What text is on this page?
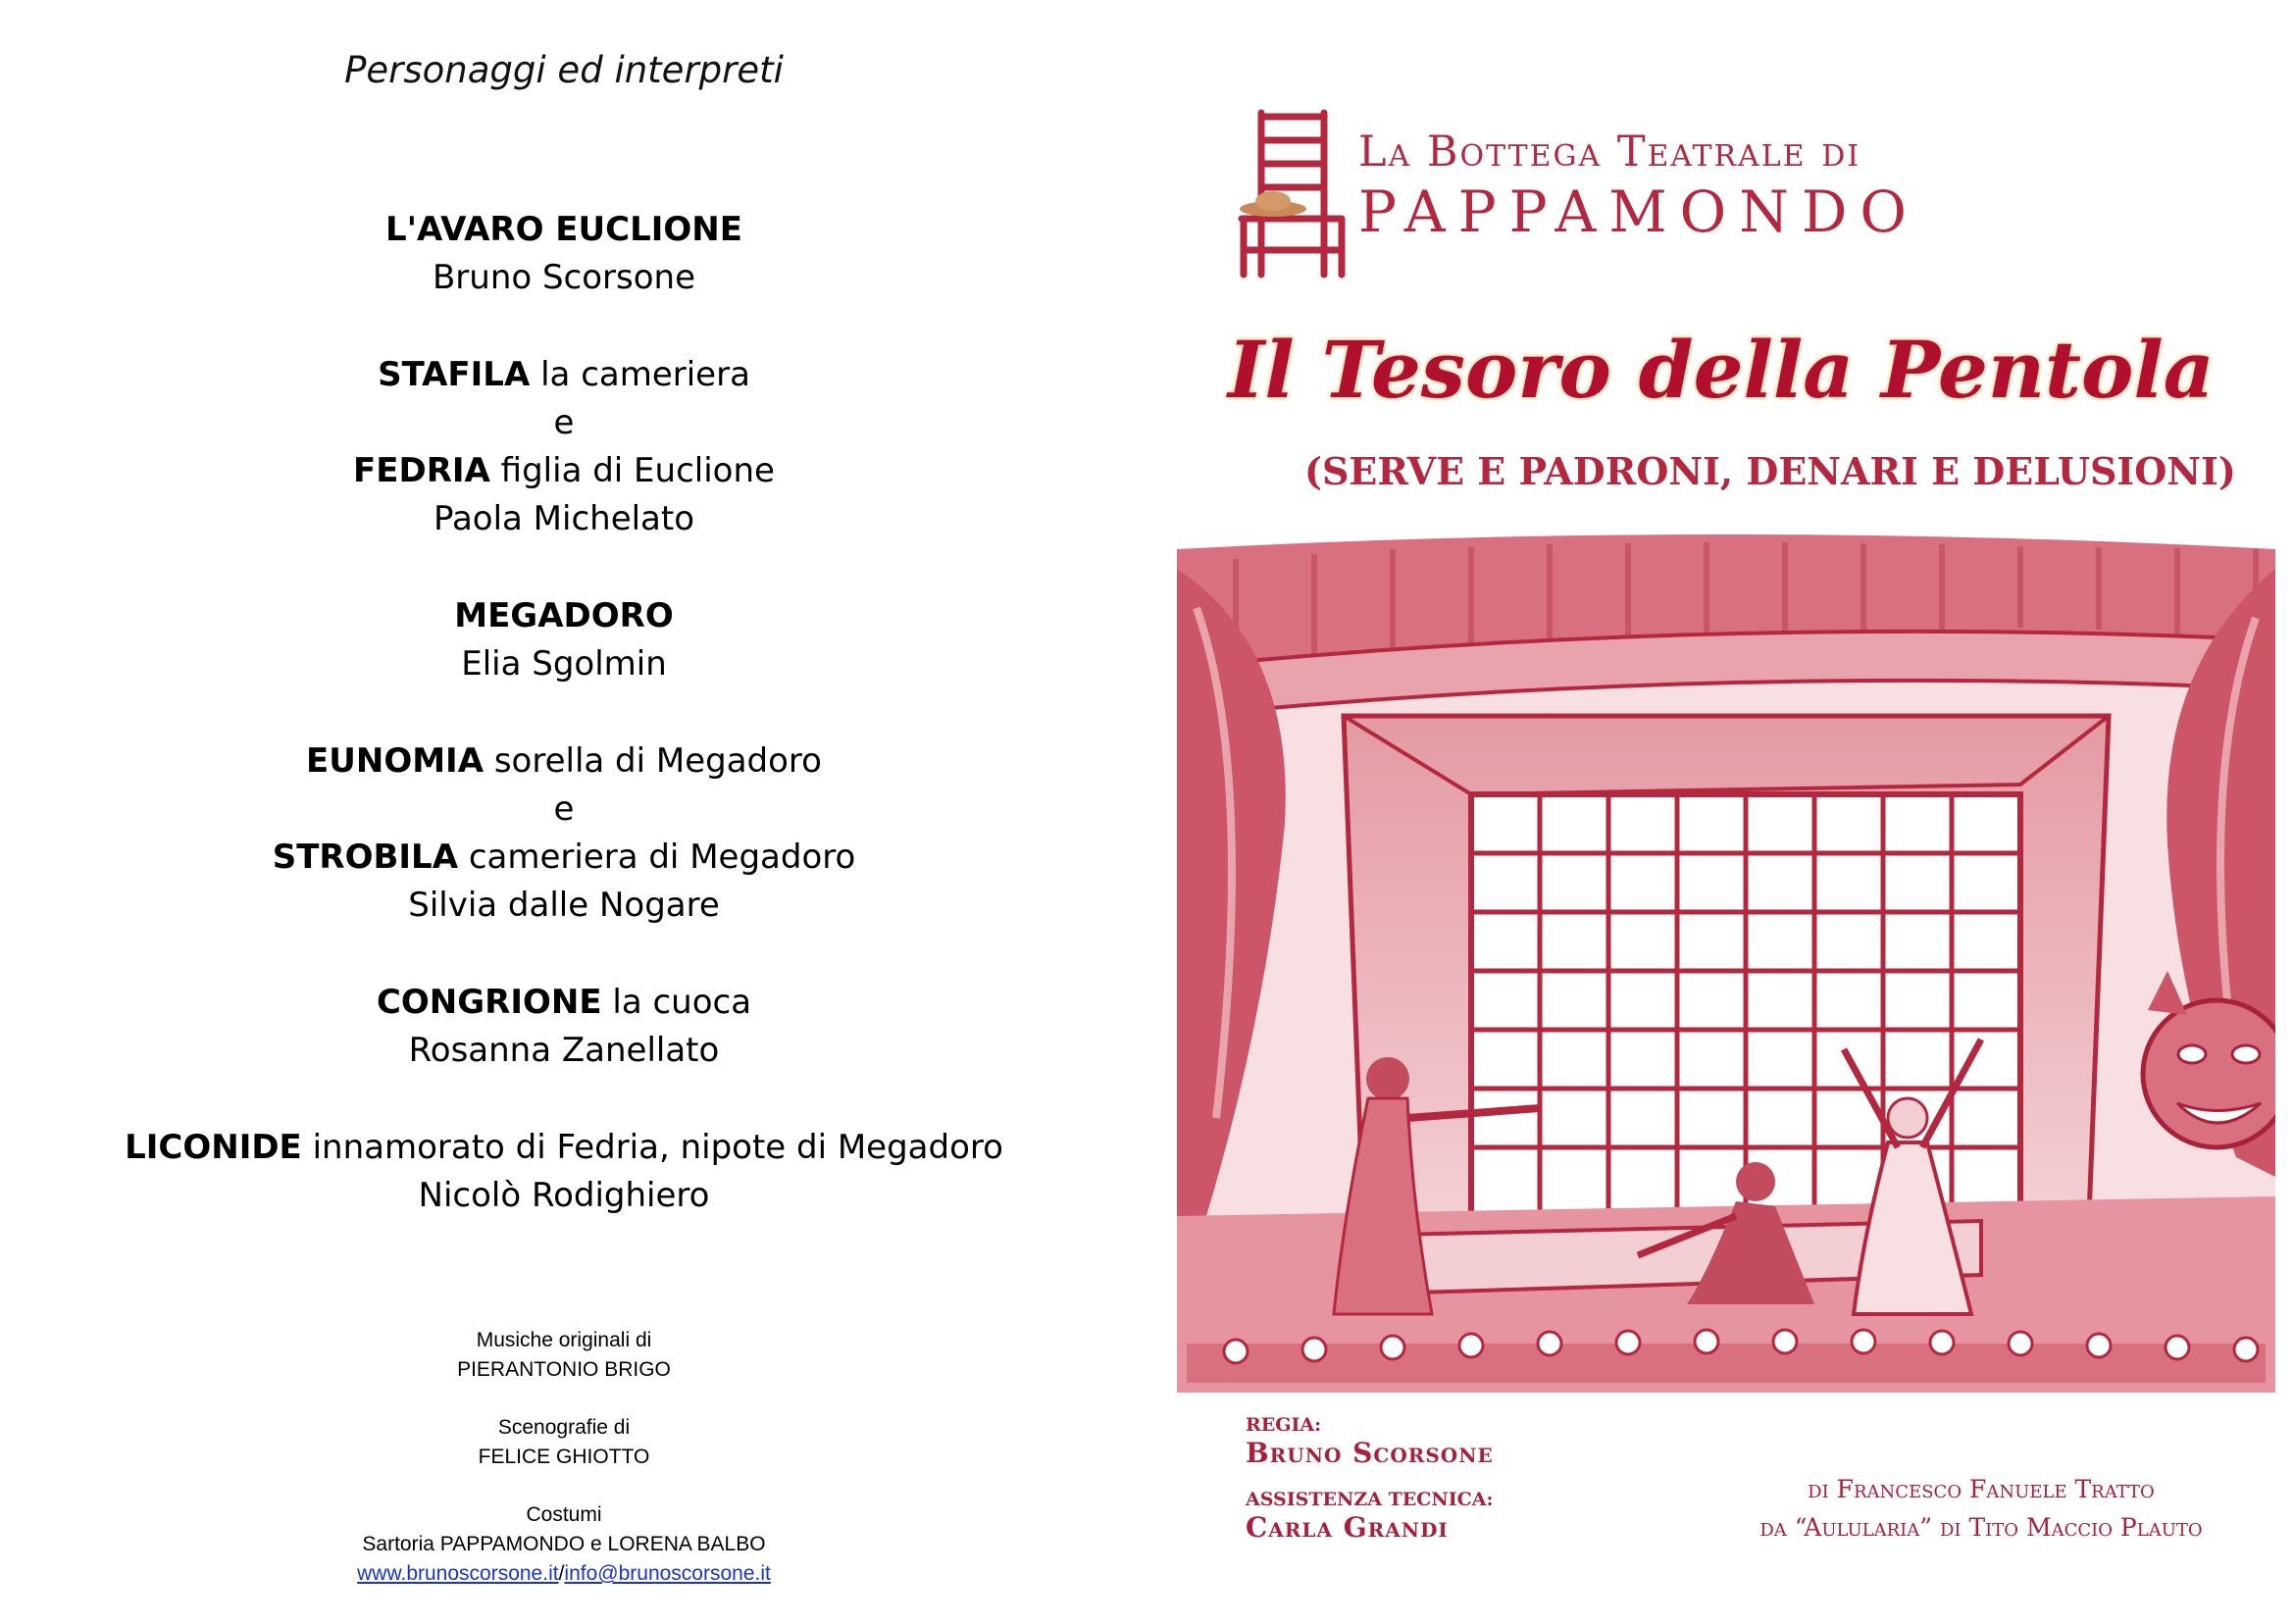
Personaggi ed interpreti
L'AVARO EUCLIONE
Bruno Scorsone
STAFILA la cameriera
e
FEDRIA figlia di Euclione
Paola Michelato
MEGADORO
Elia Sgolmin
EUNOMIA sorella di Megadoro
e
STROBILA cameriera di Megadoro
Silvia dalle Nogare
CONGRIONE la cuoca
Rosanna Zanellato
LICONIDE innamorato di Fedria, nipote di Megadoro
Nicolò Rodighiero
Musiche originali di
PIERANTONIO BRIGO
Scenografie di
FELICE GHIOTTO
Costumi
Sartoria PAPPAMONDO e LORENA BALBO
www.brunoscorsone.it/info@brunoscorsone.it
La Bottega Teatrale di
PAPPAMONDO
Il Tesoro della Pentola
(SERVE E PADRONI, DENARI E DELUSIONI)
REGIA:
Bruno Scorsone
ASSISTENZA TECNICA:
Carla Grandi
di Francesco Fanuele Tratto
da “Aulularia” di Tito Maccio Plauto
